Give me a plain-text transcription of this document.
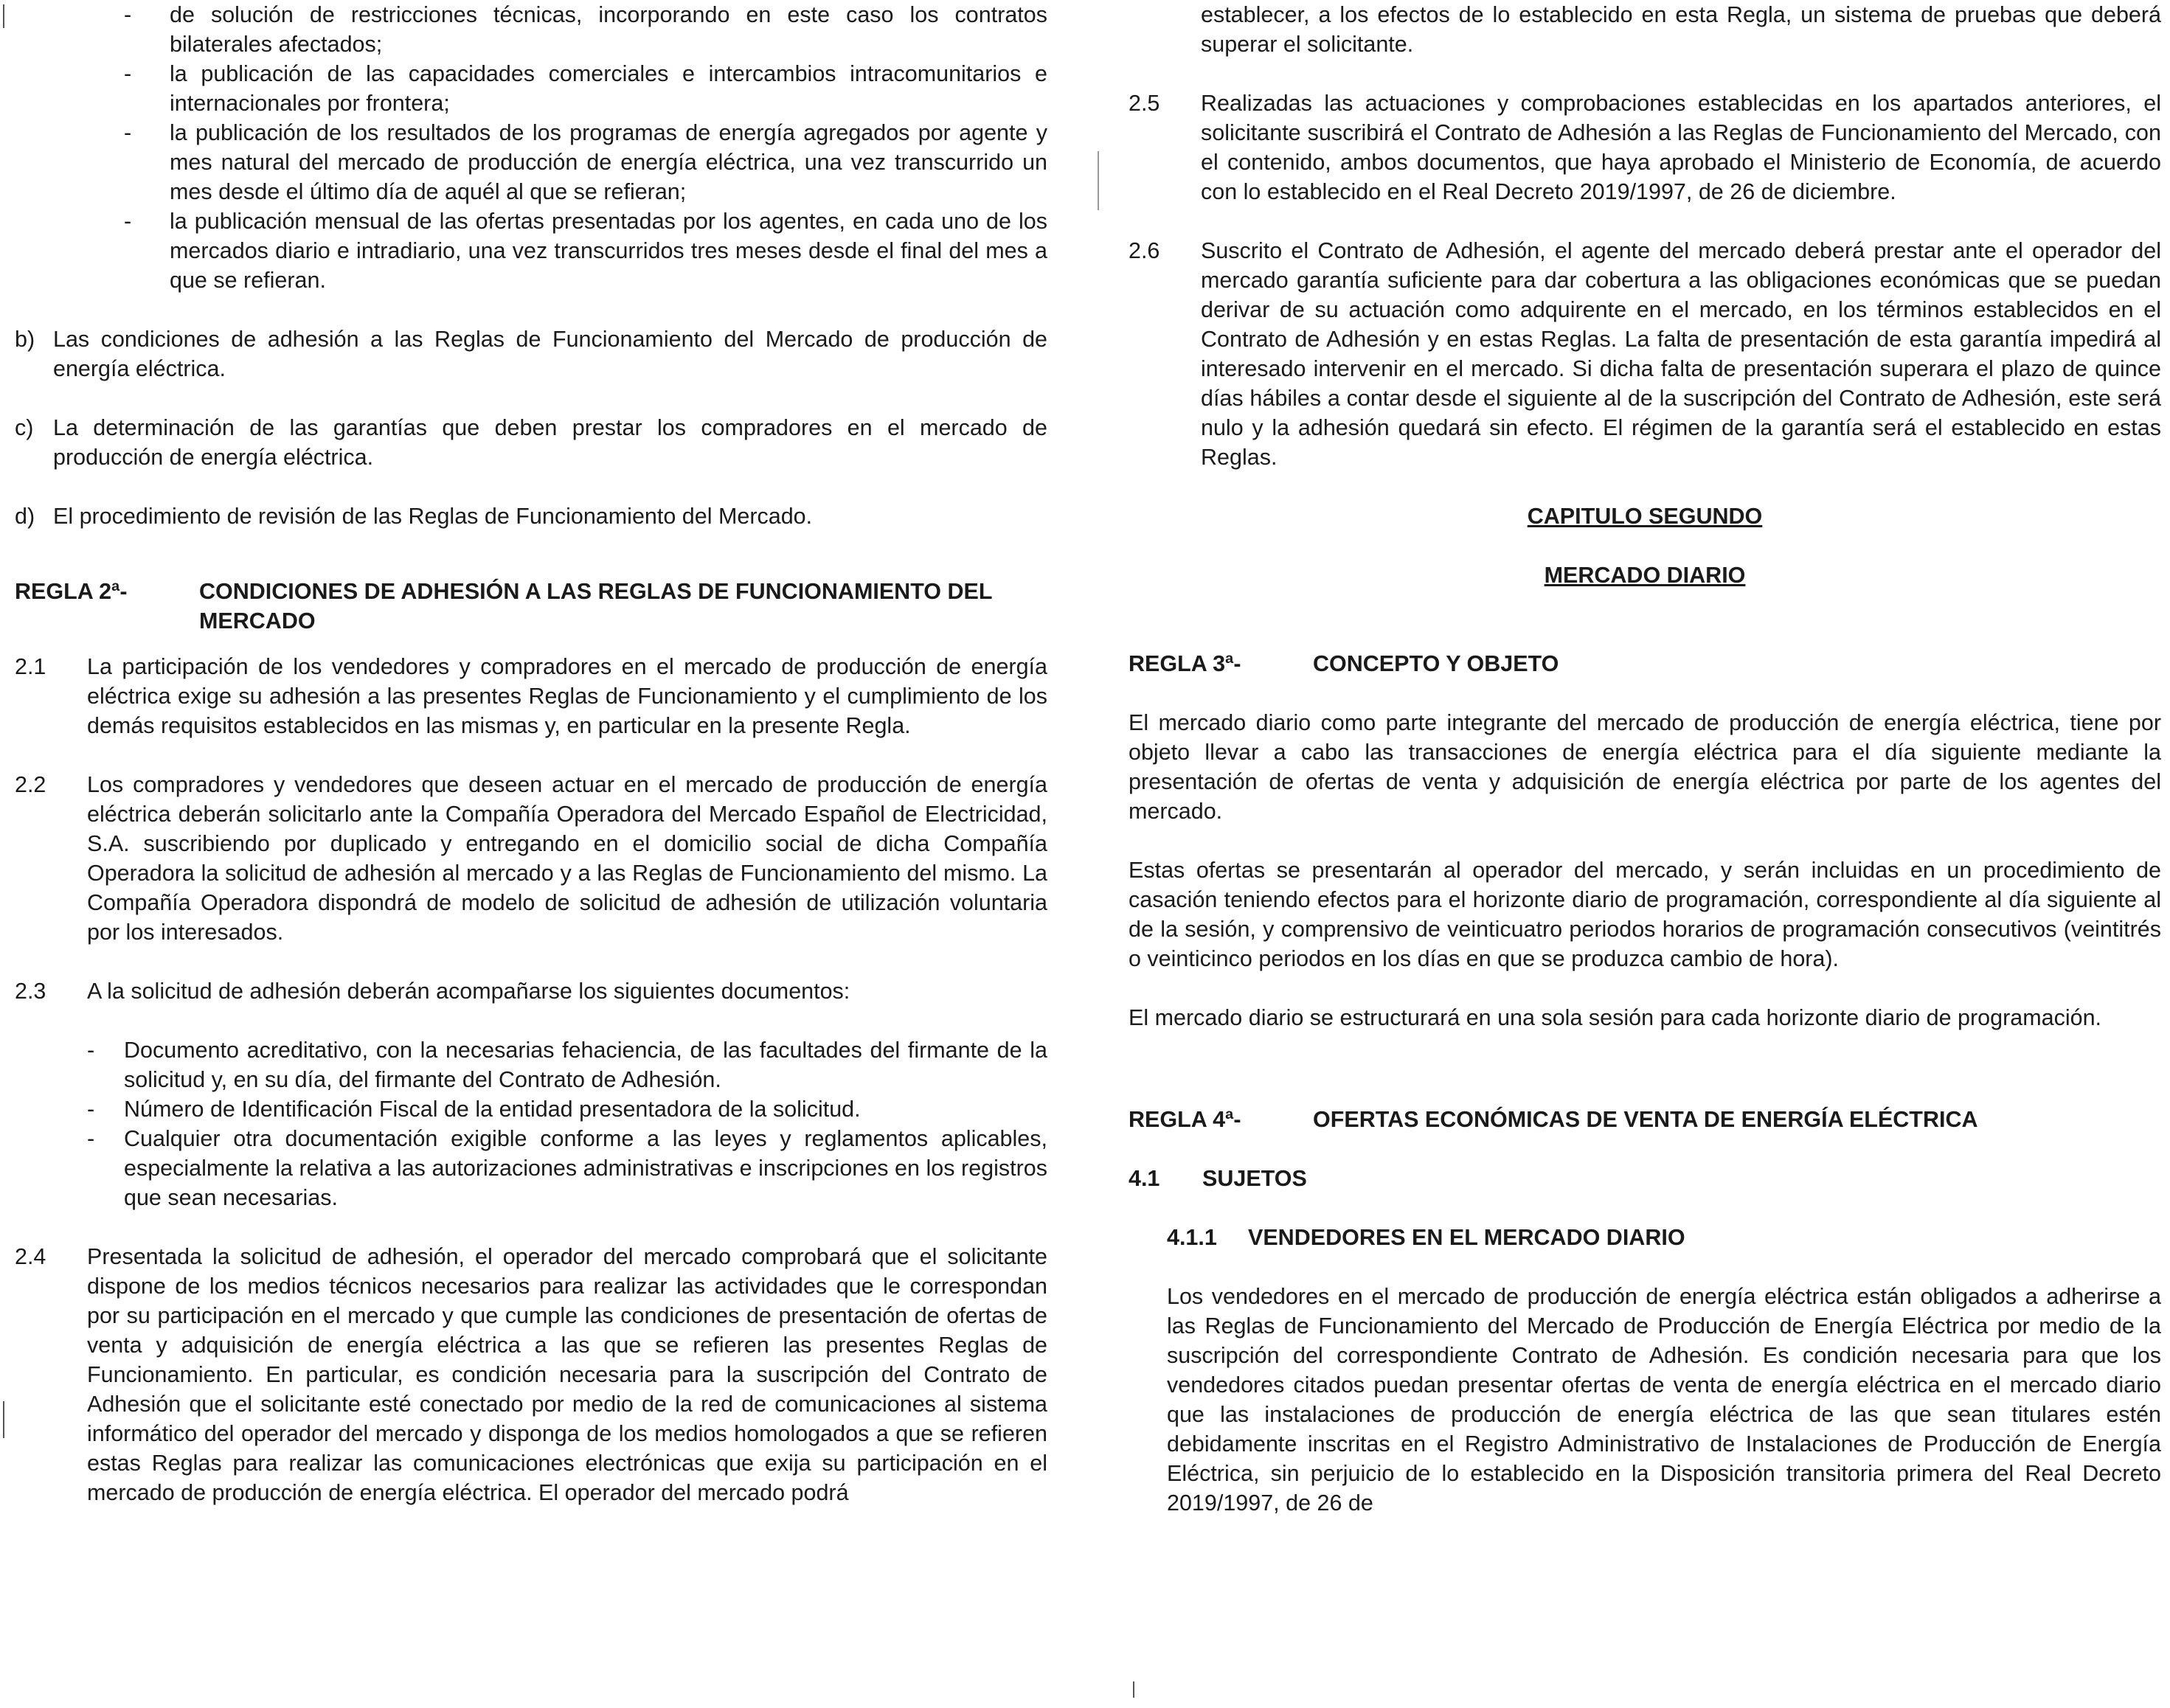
- de solución de restricciones técnicas, incorporando en este caso los contratos bilaterales afectados;
- la publicación de las capacidades comerciales e intercambios intracomunitarios e internacionales por frontera;
- la publicación de los resultados de los programas de energía agregados por agente y mes natural del mercado de producción de energía eléctrica, una vez transcurrido un mes desde el último día de aquél al que se refieran;
- la publicación mensual de las ofertas presentadas por los agentes, en cada uno de los mercados diario e intradiario, una vez transcurridos tres meses desde el final del mes a que se refieran.

b) Las condiciones de adhesión a las Reglas de Funcionamiento del Mercado de producción de energía eléctrica.

c) La determinación de las garantías que deben prestar los compradores en el mercado de producción de energía eléctrica.

d) El procedimiento de revisión de las Reglas de Funcionamiento del Mercado.

REGLA 2ª-	CONDICIONES DE ADHESIÓN A LAS REGLAS DE FUNCIONAMIENTO DEL MERCADO

2.1 La participación de los vendedores y compradores en el mercado de producción de energía eléctrica exige su adhesión a las presentes Reglas de Funcionamiento y el cumplimiento de los demás requisitos establecidos en las mismas y, en particular en la presente Regla.

2.2 Los compradores y vendedores que deseen actuar en el mercado de producción de energía eléctrica deberán solicitarlo ante la Compañía Operadora del Mercado Español de Electricidad, S.A. suscribiendo por duplicado y entregando en el domicilio social de dicha Compañía Operadora la solicitud de adhesión al mercado y a las Reglas de Funcionamiento del mismo. La Compañía Operadora dispondrá de modelo de solicitud de adhesión de utilización voluntaria por los interesados.

2.3 A la solicitud de adhesión deberán acompañarse los siguientes documentos:

- Documento acreditativo, con la necesarias fehaciencia, de las facultades del firmante de la solicitud y, en su día, del firmante del Contrato de Adhesión.
- Número de Identificación Fiscal de la entidad presentadora de la solicitud.
- Cualquier otra documentación exigible conforme a las leyes y reglamentos aplicables, especialmente la relativa a las autorizaciones administrativas e inscripciones en los registros que sean necesarias.

2.4 Presentada la solicitud de adhesión, el operador del mercado comprobará que el solicitante dispone de los medios técnicos necesarios para realizar las actividades que le correspondan por su participación en el mercado y que cumple las condiciones de presentación de ofertas de venta y adquisición de energía eléctrica a las que se refieren las presentes Reglas de Funcionamiento. En particular, es condición necesaria para la suscripción del Contrato de Adhesión que el solicitante esté conectado por medio de la red de comunicaciones al sistema informático del operador del mercado y disponga de los medios homologados a que se refieren estas Reglas para realizar las comunicaciones electrónicas que exija su participación en el mercado de producción de energía eléctrica. El operador del mercado podrá

establecer, a los efectos de lo establecido en esta Regla, un sistema de pruebas que deberá superar el solicitante.

2.5 Realizadas las actuaciones y comprobaciones establecidas en los apartados anteriores, el solicitante suscribirá el Contrato de Adhesión a las Reglas de Funcionamiento del Mercado, con el contenido, ambos documentos, que haya aprobado el Ministerio de Economía, de acuerdo con lo establecido en el Real Decreto 2019/1997, de 26 de diciembre.

2.6 Suscrito el Contrato de Adhesión, el agente del mercado deberá prestar ante el operador del mercado garantía suficiente para dar cobertura a las obligaciones económicas que se puedan derivar de su actuación como adquirente en el mercado, en los términos establecidos en el Contrato de Adhesión y en estas Reglas. La falta de presentación de esta garantía impedirá al interesado intervenir en el mercado. Si dicha falta de presentación superara el plazo de quince días hábiles a contar desde el siguiente al de la suscripción del Contrato de Adhesión, este será nulo y la adhesión quedará sin efecto. El régimen de la garantía será el establecido en estas Reglas.

CAPITULO SEGUNDO

MERCADO DIARIO

REGLA 3ª-	CONCEPTO Y OBJETO

El mercado diario como parte integrante del mercado de producción de energía eléctrica, tiene por objeto llevar a cabo las transacciones de energía eléctrica para el día siguiente mediante la presentación de ofertas de venta y adquisición de energía eléctrica por parte de los agentes del mercado.

Estas ofertas se presentarán al operador del mercado, y serán incluidas en un procedimiento de casación teniendo efectos para el horizonte diario de programación, correspondiente al día siguiente al de la sesión, y comprensivo de veinticuatro periodos horarios de programación consecutivos (veintitrés o veinticinco periodos en los días en que se produzca cambio de hora).

El mercado diario se estructurará en una sola sesión para cada horizonte diario de programación.

REGLA 4ª-	OFERTAS ECONÓMICAS DE VENTA DE ENERGÍA ELÉCTRICA

4.1 SUJETOS

4.1.1 VENDEDORES EN EL MERCADO DIARIO

Los vendedores en el mercado de producción de energía eléctrica están obligados a adherirse a las Reglas de Funcionamiento del Mercado de Producción de Energía Eléctrica por medio de la suscripción del correspondiente Contrato de Adhesión. Es condición necesaria para que los vendedores citados puedan presentar ofertas de venta de energía eléctrica en el mercado diario que las instalaciones de producción de energía eléctrica de las que sean titulares estén debidamente inscritas en el Registro Administrativo de Instalaciones de Producción de Energía Eléctrica, sin perjuicio de lo establecido en la Disposición transitoria primera del Real Decreto 2019/1997, de 26 de
